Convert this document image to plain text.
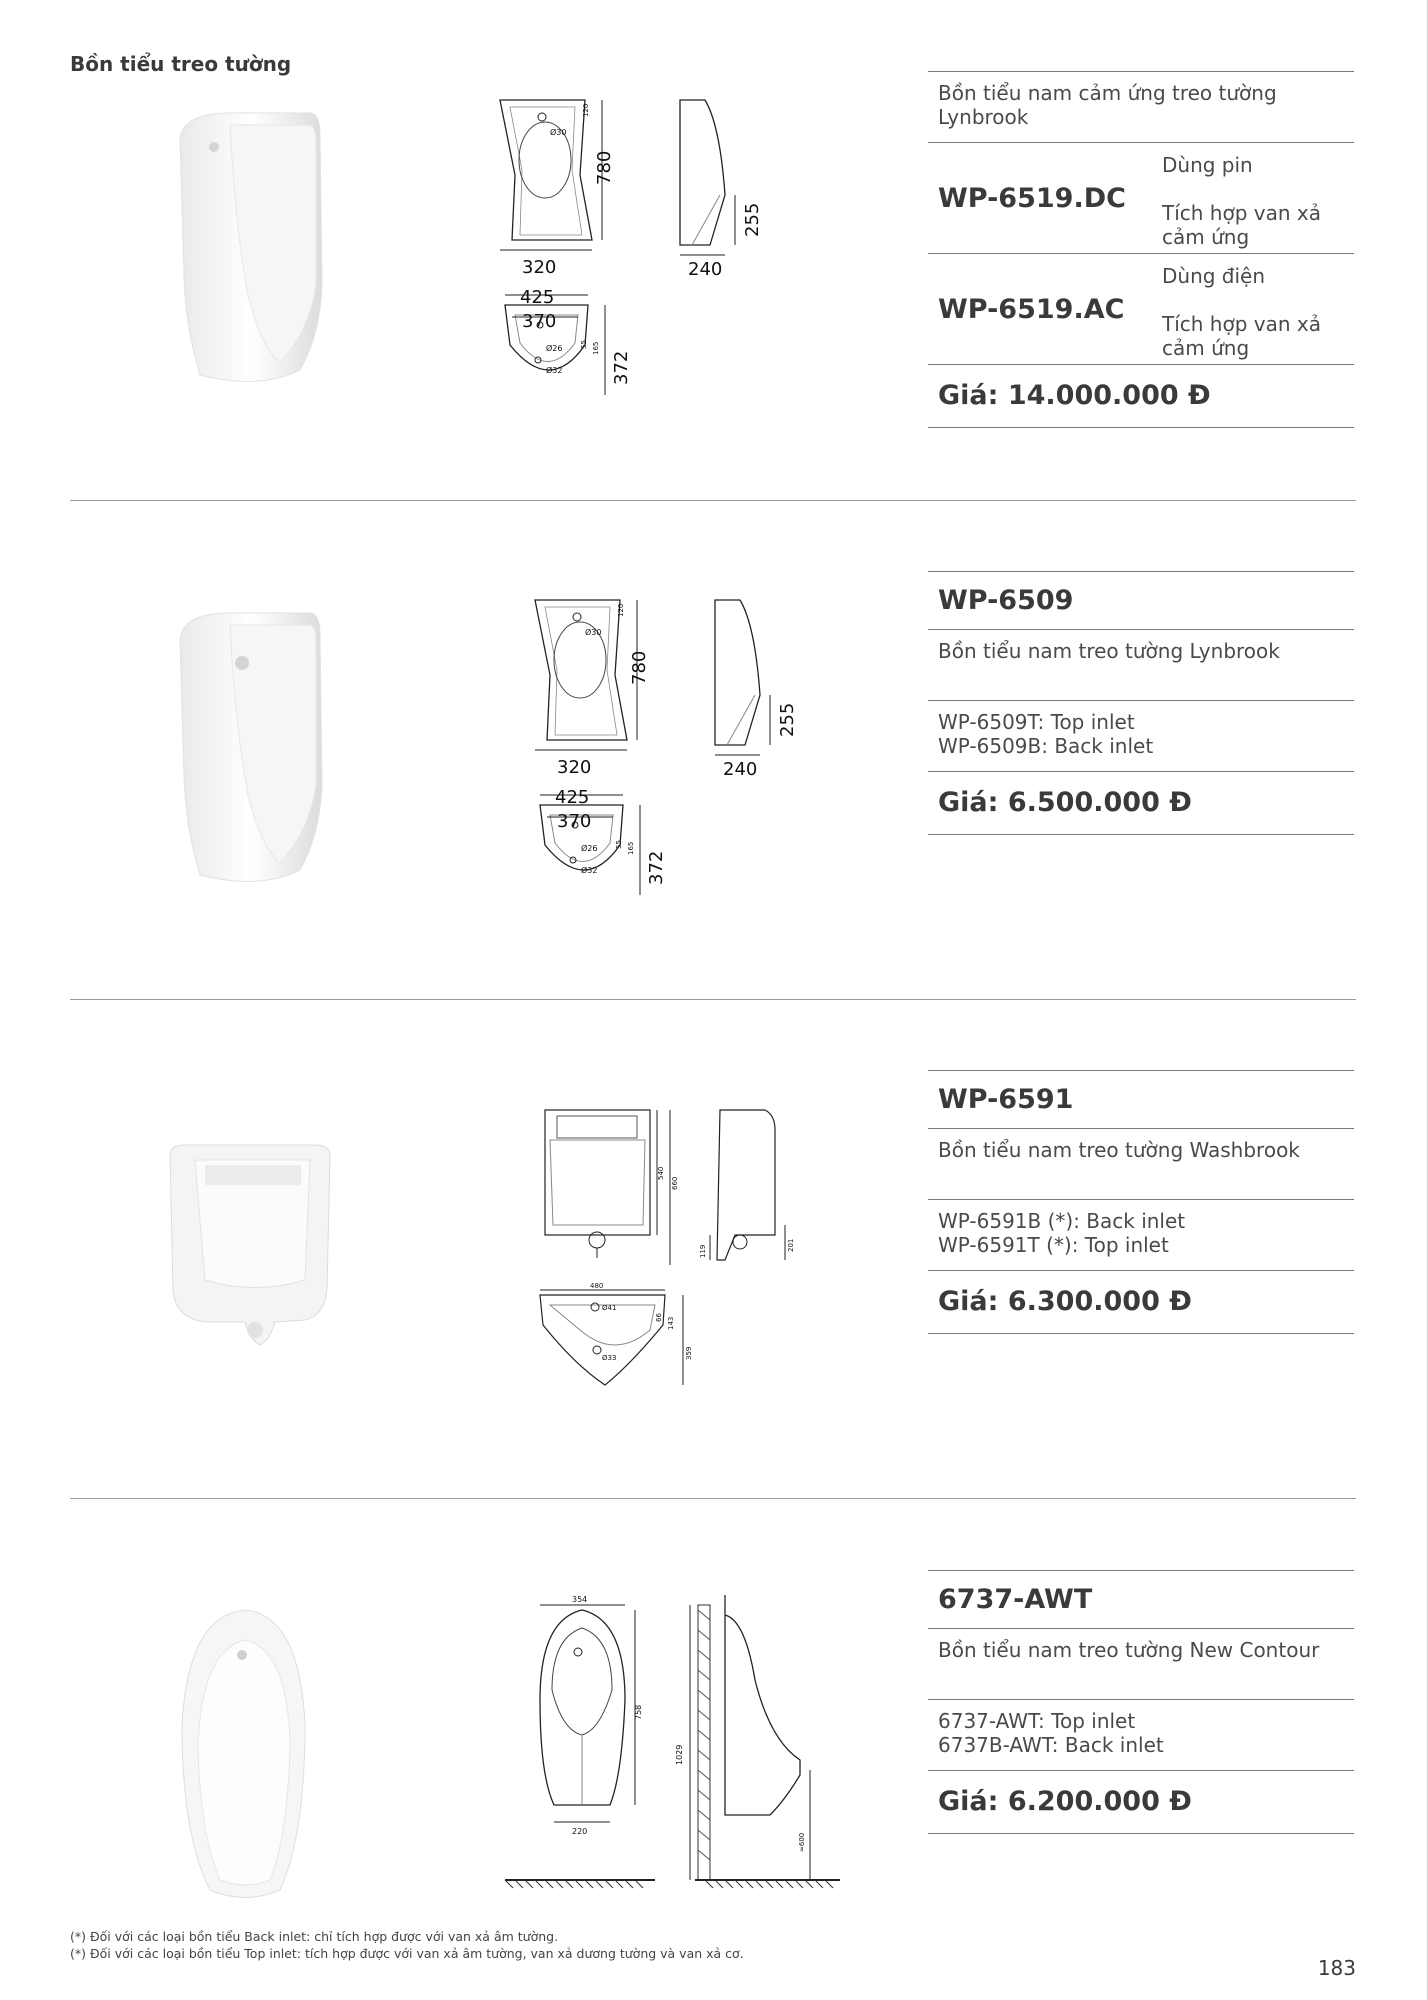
Bồn tiểu treo tường
320
780
Ø30
120
240
255
425
370
372
Ø26
Ø32
165
55
Bồn tiểu nam cảm ứng treo tường Lynbrook
WP-6519.DC
Dùng pin
Tích hợp van xả cảm ứng
WP-6519.AC
Dùng điện
Tích hợp van xả cảm ứng
Giá: 14.000.000 Đ
320
780
Ø30
120
240
255
425
370
372
Ø26
Ø32
165
55
WP-6509
Bồn tiểu nam treo tường Lynbrook
WP-6509T: Top inlet
WP-6509B: Back inlet
Giá: 6.500.000 Đ
540
660
119	201
480
Ø41
Ø33
66 143
359
WP-6591
Bồn tiểu nam treo tường Washbrook
WP-6591B (*): Back inlet
WP-6591T (*): Top inlet
Giá: 6.300.000 Đ
354
758
220
1029
≈600
6737-AWT
Bồn tiểu nam treo tường New Contour
6737-AWT: Top inlet
6737B-AWT: Back inlet
Giá: 6.200.000 Đ
(*) Đối với các loại bồn tiểu Back inlet: chỉ tích hợp được với van xả âm tường.
(*) Đối với các loại bồn tiểu Top inlet: tích hợp được với van xả âm tường, van xả dương tường và van xả cơ.
183
